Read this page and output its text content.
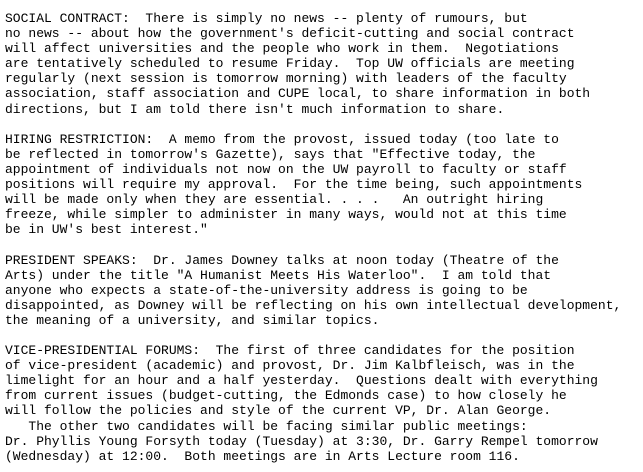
SOCIAL CONTRACT:  There is simply no news -- plenty of rumours, but
no news -- about how the government's deficit-cutting and social contract
will affect universities and the people who work in them.  Negotiations
are tentatively scheduled to resume Friday.  Top UW officials are meeting
regularly (next session is tomorrow morning) with leaders of the faculty
association, staff association and CUPE local, to share information in both
directions, but I am told there isn't much information to share.
HIRING RESTRICTION:  A memo from the provost, issued today (too late to
be reflected in tomorrow's Gazette), says that "Effective today, the
appointment of individuals not now on the UW payroll to faculty or staff
positions will require my approval.  For the time being, such appointments
will be made only when they are essential. . . .   An outright hiring
freeze, while simpler to administer in many ways, would not at this time
be in UW's best interest."
PRESIDENT SPEAKS:  Dr. James Downey talks at noon today (Theatre of the
Arts) under the title "A Humanist Meets His Waterloo".  I am told that
anyone who expects a state-of-the-university address is going to be
disappointed, as Downey will be reflecting on his own intellectual development,
the meaning of a university, and similar topics.
VICE-PRESIDENTIAL FORUMS:  The first of three candidates for the position
of vice-president (academic) and provost, Dr. Jim Kalbfleisch, was in the
limelight for an hour and a half yesterday.  Questions dealt with everything
from current issues (budget-cutting, the Edmonds case) to how closely he
will follow the policies and style of the current VP, Dr. Alan George.
The other two candidates will be facing similar public meetings:
Dr. Phyllis Young Forsyth today (Tuesday) at 3:30, Dr. Garry Rempel tomorrow
(Wednesday) at 12:00.  Both meetings are in Arts Lecture room 116.
